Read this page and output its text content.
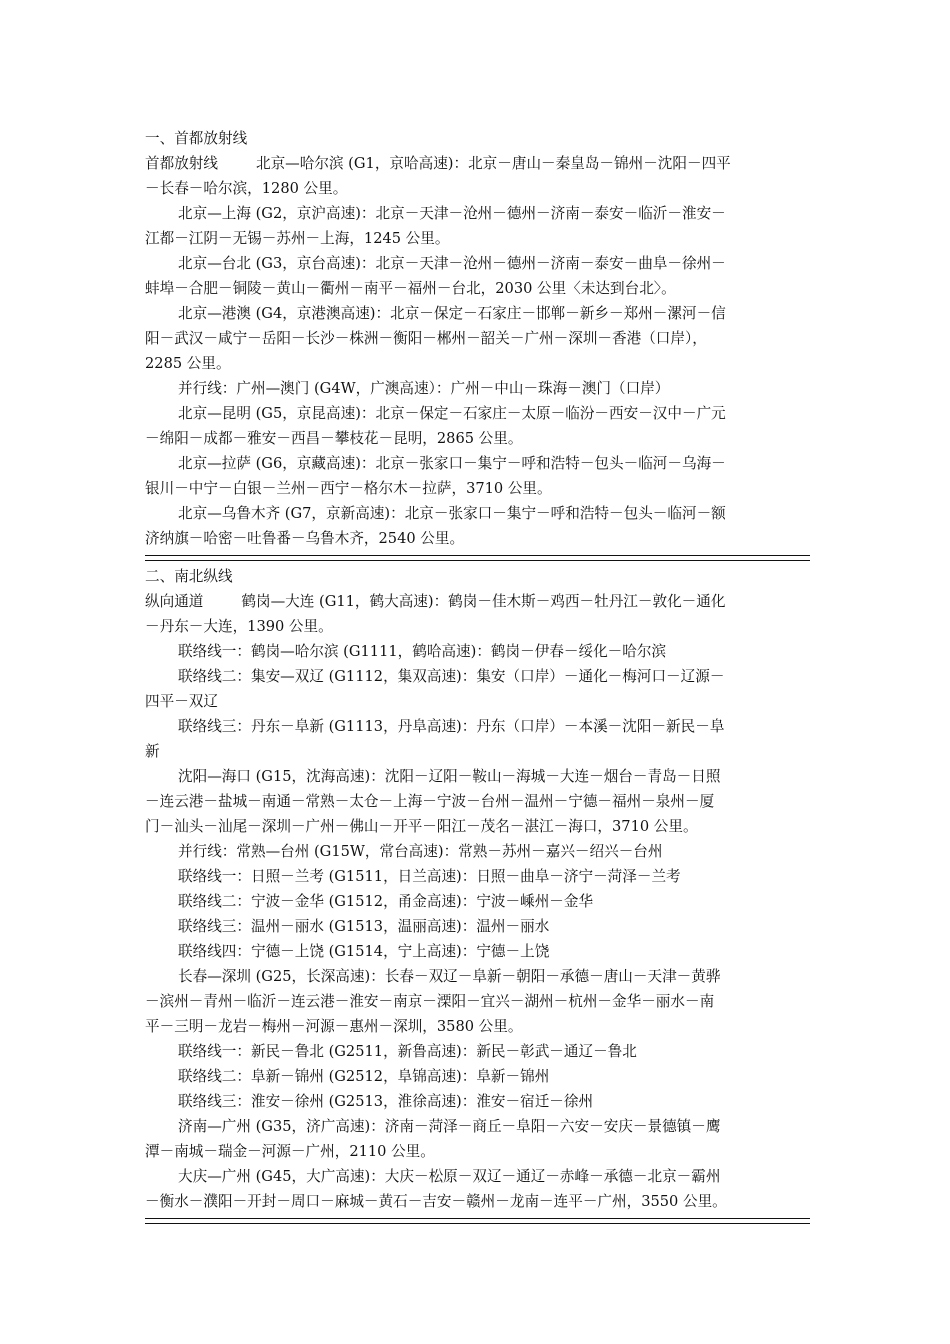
一、首都放射线
首都放射线	北京—哈尔滨 (G1，京哈高速)：北京－唐山－秦皇岛－锦州－沈阳－四平
－长春－哈尔滨，1280 公里。
北京—上海 (G2，京沪高速)：北京－天津－沧州－德州－济南－泰安－临沂－淮安－
江都－江阴－无锡－苏州－上海，1245 公里。
北京—台北 (G3，京台高速)：北京－天津－沧州－德州－济南－泰安－曲阜－徐州－
蚌埠－合肥－铜陵－黄山－衢州－南平－福州－台北，2030 公里〈未达到台北〉。
北京—港澳 (G4，京港澳高速)：北京－保定－石家庄－邯郸－新乡－郑州－漯河－信
阳－武汉－咸宁－岳阳－长沙－株洲－衡阳－郴州－韶关－广州－深圳－香港（口岸），
2285 公里。
并行线：广州—澳门 (G4W，广澳高速）：广州－中山－珠海－澳门（口岸）
北京—昆明 (G5，京昆高速)：北京－保定－石家庄－太原－临汾－西安－汉中－广元
－绵阳－成都－雅安－西昌－攀枝花－昆明，2865 公里。
北京—拉萨 (G6，京藏高速)：北京－张家口－集宁－呼和浩特－包头－临河－乌海－
银川－中宁－白银－兰州－西宁－格尔木－拉萨，3710 公里。
北京—乌鲁木齐 (G7，京新高速)：北京－张家口－集宁－呼和浩特－包头－临河－额
济纳旗－哈密－吐鲁番－乌鲁木齐，2540 公里。
二、南北纵线
纵向通道	鹤岗—大连 (G11，鹤大高速)：鹤岗－佳木斯－鸡西－牡丹江－敦化－通化
－丹东－大连，1390 公里。
联络线一：鹤岗—哈尔滨 (G1111，鹤哈高速)：鹤岗－伊春－绥化－哈尔滨
联络线二：集安—双辽 (G1112，集双高速)：集安（口岸）－通化－梅河口－辽源－
四平－双辽
联络线三：丹东－阜新 (G1113，丹阜高速)：丹东（口岸）－本溪－沈阳－新民－阜
新
沈阳—海口 (G15，沈海高速)：沈阳－辽阳－鞍山－海城－大连－烟台－青岛－日照
－连云港－盐城－南通－常熟－太仓－上海－宁波－台州－温州－宁德－福州－泉州－厦
门－汕头－汕尾－深圳－广州－佛山－开平－阳江－茂名－湛江－海口，3710 公里。
并行线：常熟—台州 (G15W，常台高速)：常熟－苏州－嘉兴－绍兴－台州
联络线一：日照－兰考 (G1511，日兰高速)：日照－曲阜－济宁－菏泽－兰考
联络线二：宁波－金华 (G1512，甬金高速)：宁波－嵊州－金华
联络线三：温州－丽水 (G1513，温丽高速)：温州－丽水
联络线四：宁德－上饶 (G1514，宁上高速)：宁德－上饶
长春—深圳 (G25，长深高速)：长春－双辽－阜新－朝阳－承德－唐山－天津－黄骅
－滨州－青州－临沂－连云港－淮安－南京－溧阳－宜兴－湖州－杭州－金华－丽水－南
平－三明－龙岩－梅州－河源－惠州－深圳，3580 公里。
联络线一：新民－鲁北 (G2511，新鲁高速)：新民－彰武－通辽－鲁北
联络线二：阜新－锦州 (G2512，阜锦高速)：阜新－锦州
联络线三：淮安－徐州 (G2513，淮徐高速)：淮安－宿迁－徐州
济南—广州 (G35，济广高速)：济南－菏泽－商丘－阜阳－六安－安庆－景德镇－鹰
潭－南城－瑞金－河源－广州，2110 公里。
大庆—广州 (G45，大广高速)：大庆－松原－双辽－通辽－赤峰－承德－北京－霸州
－衡水－濮阳－开封－周口－麻城－黄石－吉安－赣州－龙南－连平－广州，3550 公里。
